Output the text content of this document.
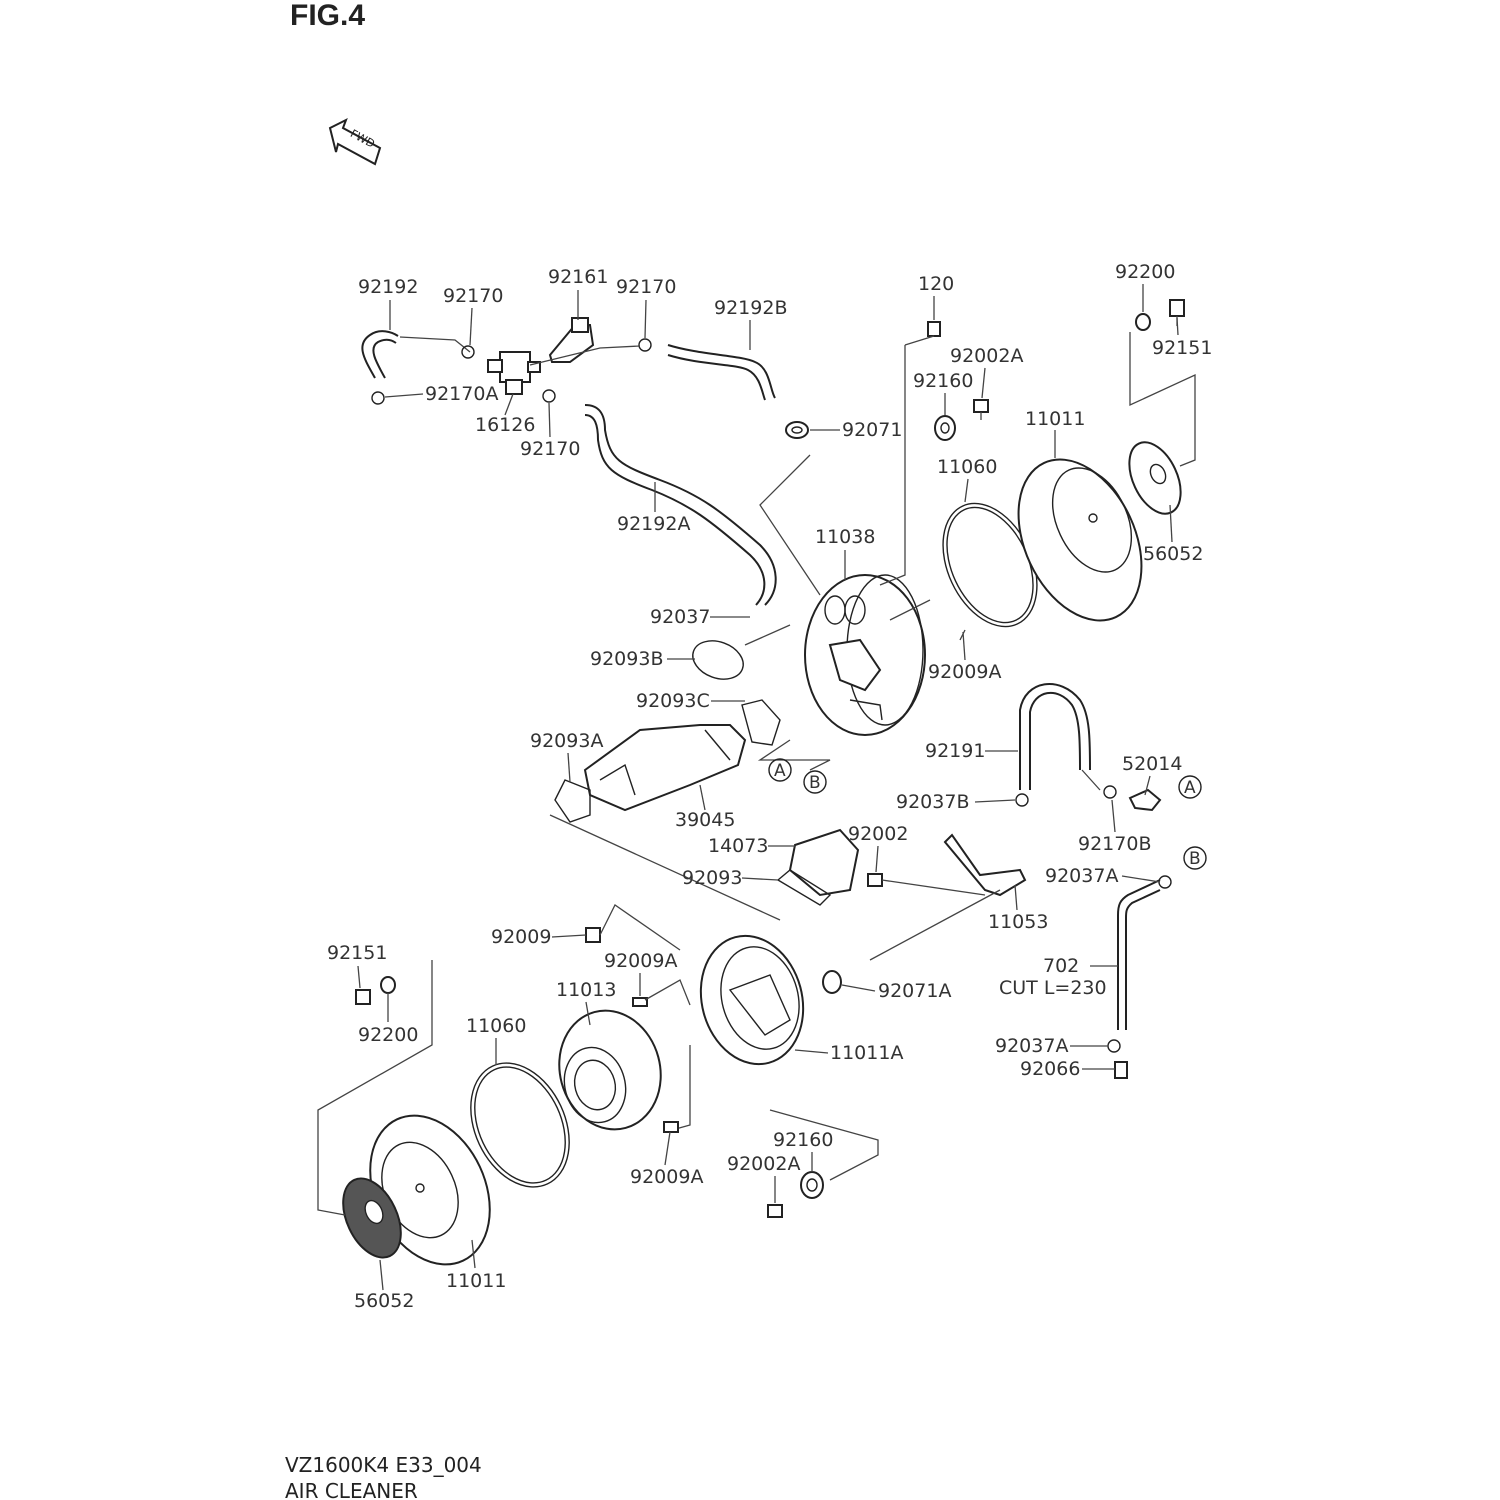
FIG.4
FWD
A
B	A
B
92192 92170
92161 92170
92192B
120
92200
92151
92002A
92160
92071	11011
11060
92170A
16126
92170
92192A
11038
56052
92037
92093B
92009A
92093C
92093A	92191
52014
39045
92037B
92170B
14073
92002
92093
11053
92037A
92009
92009A
92151
11013	92071A
92200	11060
11011A
702
CUT L=230
92037A
92066
92160
92002A
92009A
11011
56052
VZ1600K4 E33_004
AIR CLEANER
